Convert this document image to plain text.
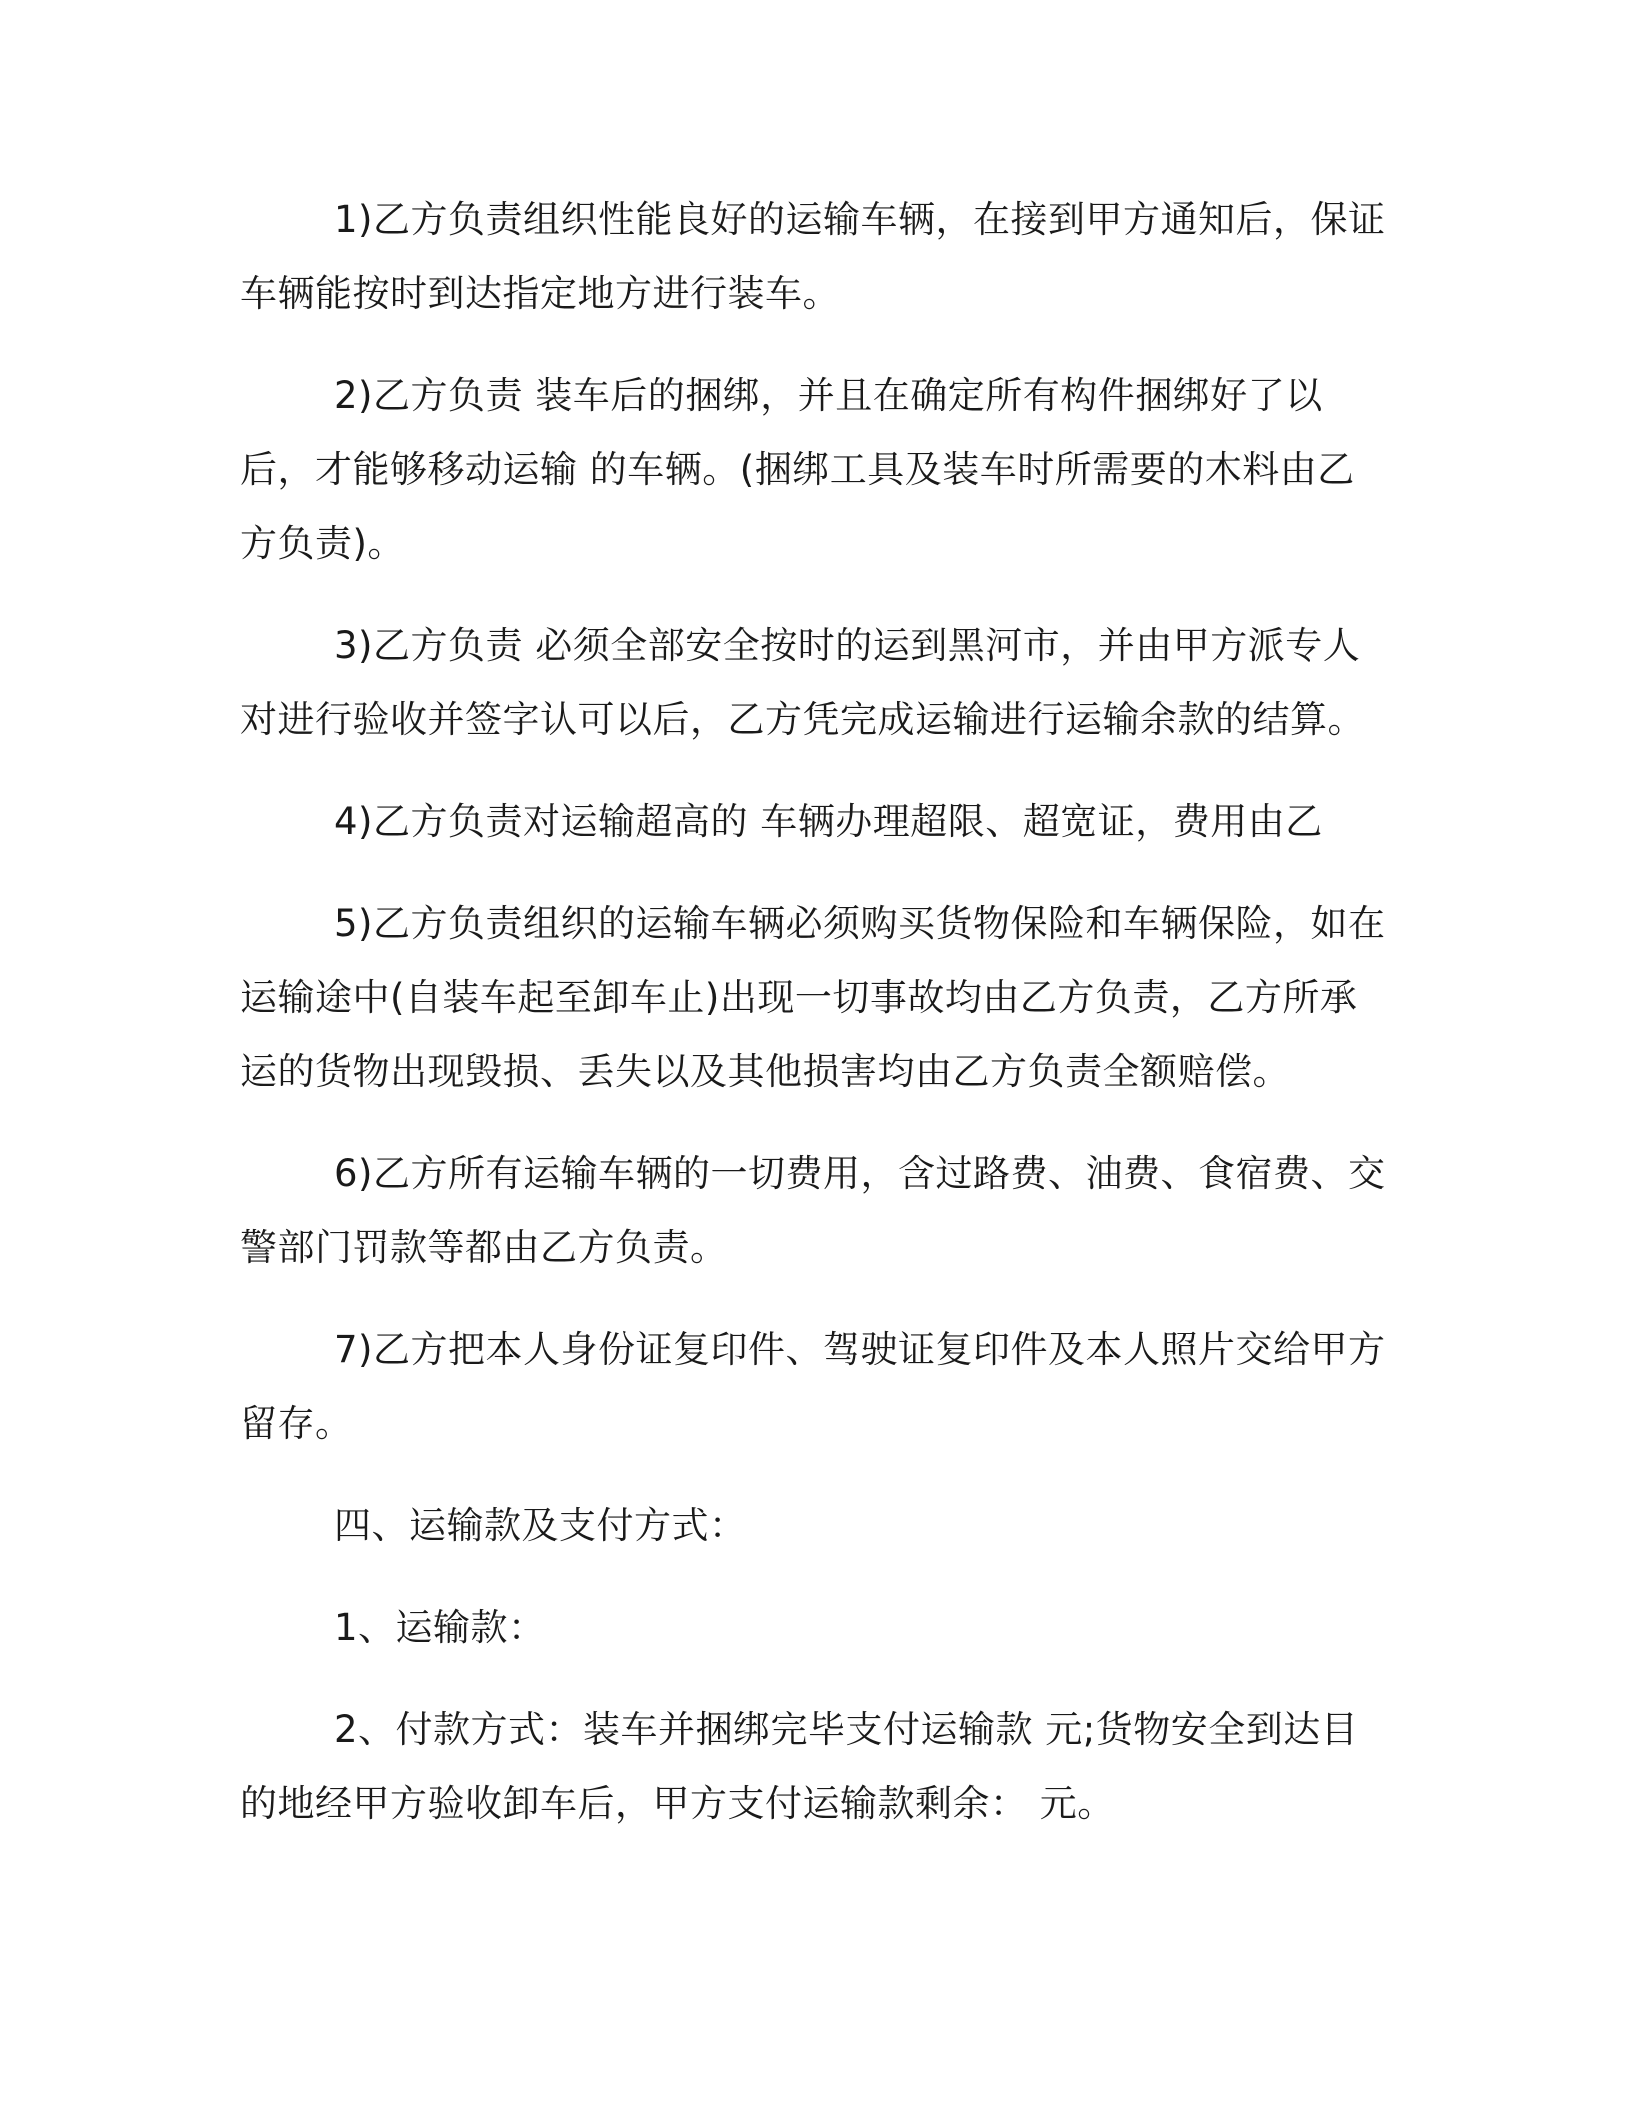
1)乙方负责组织性能良好的运输车辆，在接到甲方通知后，保证车辆能按时到达指定地方进行装车。

2)乙方负责 装车后的捆绑，并且在确定所有构件捆绑好了以后，才能够移动运输 的车辆。(捆绑工具及装车时所需要的木料由乙方负责)。

3)乙方负责 必须全部安全按时的运到黑河市，并由甲方派专人对进行验收并签字认可以后，乙方凭完成运输进行运输余款的结算。

4)乙方负责对运输超高的 车辆办理超限、超宽证，费用由乙

5)乙方负责组织的运输车辆必须购买货物保险和车辆保险，如在运输途中(自装车起至卸车止)出现一切事故均由乙方负责，乙方所承运的货物出现毁损、丢失以及其他损害均由乙方负责全额赔偿。

6)乙方所有运输车辆的一切费用，含过路费、油费、食宿费、交警部门罚款等都由乙方负责。

7)乙方把本人身份证复印件、驾驶证复印件及本人照片交给甲方留存。

四、运输款及支付方式：

1、运输款：

2、付款方式：装车并捆绑完毕支付运输款 元;货物安全到达目的地经甲方验收卸车后，甲方支付运输款剩余： 元。
